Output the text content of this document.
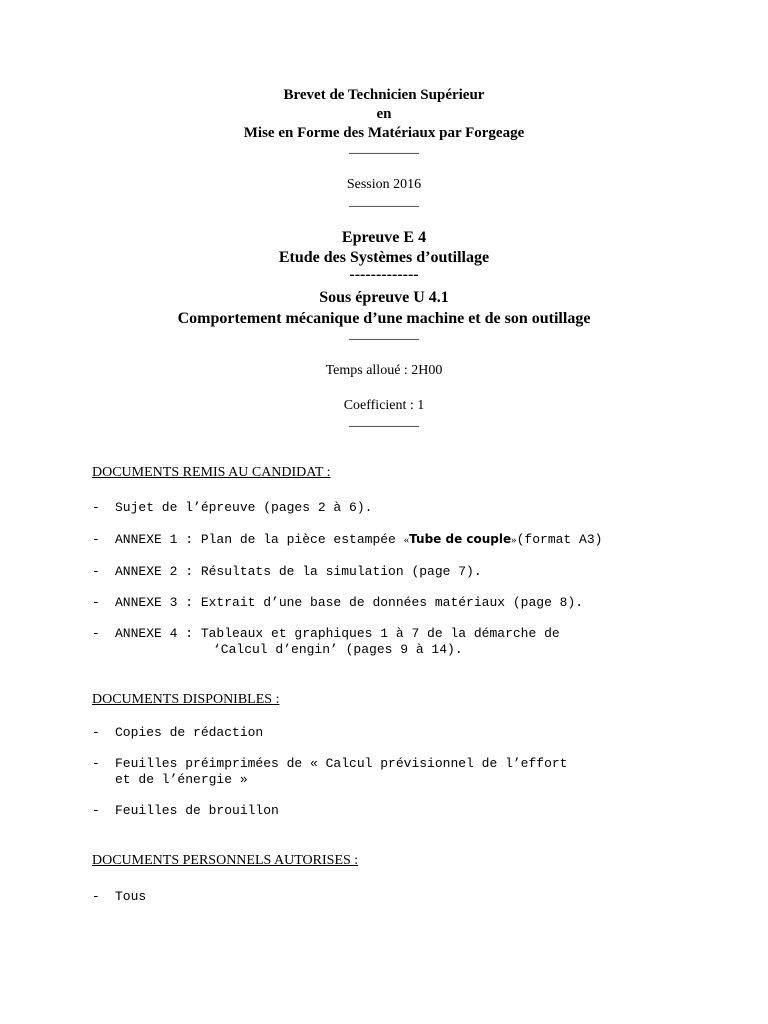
Brevet de Technicien Supérieur
en
Mise en Forme des Matériaux par Forgeage
__________
Session 2016
__________
Epreuve E 4
Etude des Systèmes d’outillage
-------------
Sous épreuve U 4.1
Comportement mécanique d’une machine et de son outillage
__________
Temps alloué : 2H00
Coefficient : 1
__________
DOCUMENTS REMIS AU CANDIDAT :
- Sujet de l’épreuve (pages 2 à 6).
- ANNEXE 1 : Plan de la pièce estampée «Tube de couple»(format A3)
- ANNEXE 2 : Résultats de la simulation (page 7).
- ANNEXE 3 : Extrait d’une base de données matériaux (page 8).
- ANNEXE 4 : Tableaux et graphiques 1 à 7 de la démarche de
‘Calcul d’engin’ (pages 9 à 14).
DOCUMENTS DISPONIBLES :
- Copies de rédaction
- Feuilles préimprimées de « Calcul prévisionnel de l’effort
et de l’énergie »
- Feuilles de brouillon
DOCUMENTS PERSONNELS AUTORISES :
- Tous
